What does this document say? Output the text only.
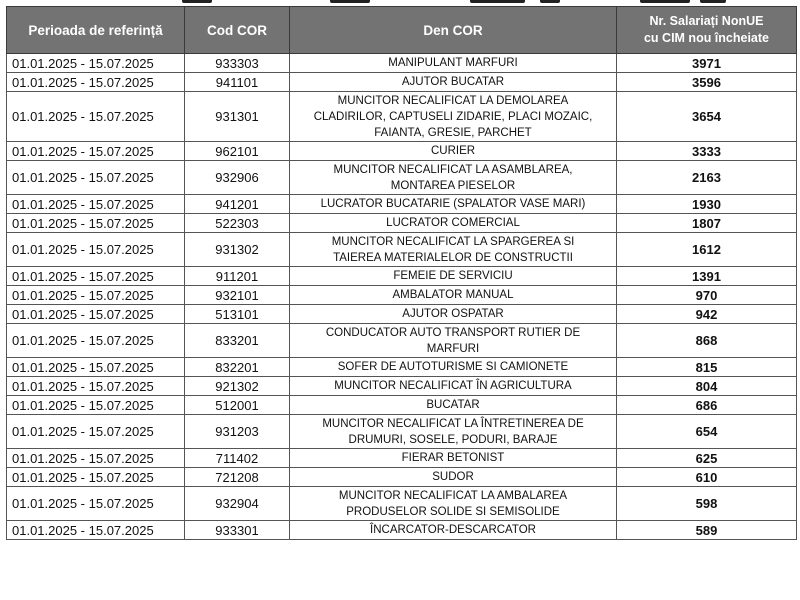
Perioada de referință	Cod COR	Den COR	Nr. Salariați NonUE
cu CIM nou încheiate

01.01.2025 - 15.07.2025	933303	MANIPULANT MARFURI	3971
01.01.2025 - 15.07.2025	941101	AJUTOR BUCATAR	3596
01.01.2025 - 15.07.2025	931301	MUNCITOR NECALIFICAT LA DEMOLAREA
CLADIRILOR, CAPTUSELI ZIDARIE, PLACI MOZAIC,
FAIANTA, GRESIE, PARCHET	3654
01.01.2025 - 15.07.2025	962101	CURIER	3333
01.01.2025 - 15.07.2025	932906	MUNCITOR NECALIFICAT LA ASAMBLAREA,
MONTAREA PIESELOR	2163
01.01.2025 - 15.07.2025	941201	LUCRATOR BUCATARIE (SPALATOR VASE MARI)	1930
01.01.2025 - 15.07.2025	522303	LUCRATOR COMERCIAL	1807
01.01.2025 - 15.07.2025	931302	MUNCITOR NECALIFICAT LA SPARGEREA SI
TAIEREA MATERIALELOR DE CONSTRUCTII	1612
01.01.2025 - 15.07.2025	911201	FEMEIE DE SERVICIU	1391
01.01.2025 - 15.07.2025	932101	AMBALATOR MANUAL	970
01.01.2025 - 15.07.2025	513101	AJUTOR OSPATAR	942
01.01.2025 - 15.07.2025	833201	CONDUCATOR AUTO TRANSPORT RUTIER DE
MARFURI	868
01.01.2025 - 15.07.2025	832201	SOFER DE AUTOTURISME SI CAMIONETE	815
01.01.2025 - 15.07.2025	921302	MUNCITOR NECALIFICAT ÎN AGRICULTURA	804
01.01.2025 - 15.07.2025	512001	BUCATAR	686
01.01.2025 - 15.07.2025	931203	MUNCITOR NECALIFICAT LA ÎNTRETINEREA DE
DRUMURI, SOSELE, PODURI, BARAJE	654
01.01.2025 - 15.07.2025	711402	FIERAR BETONIST	625
01.01.2025 - 15.07.2025	721208	SUDOR	610
01.01.2025 - 15.07.2025	932904	MUNCITOR NECALIFICAT LA AMBALAREA
PRODUSELOR SOLIDE SI SEMISOLIDE	598
01.01.2025 - 15.07.2025	933301	ÎNCARCATOR-DESCARCATOR	589
